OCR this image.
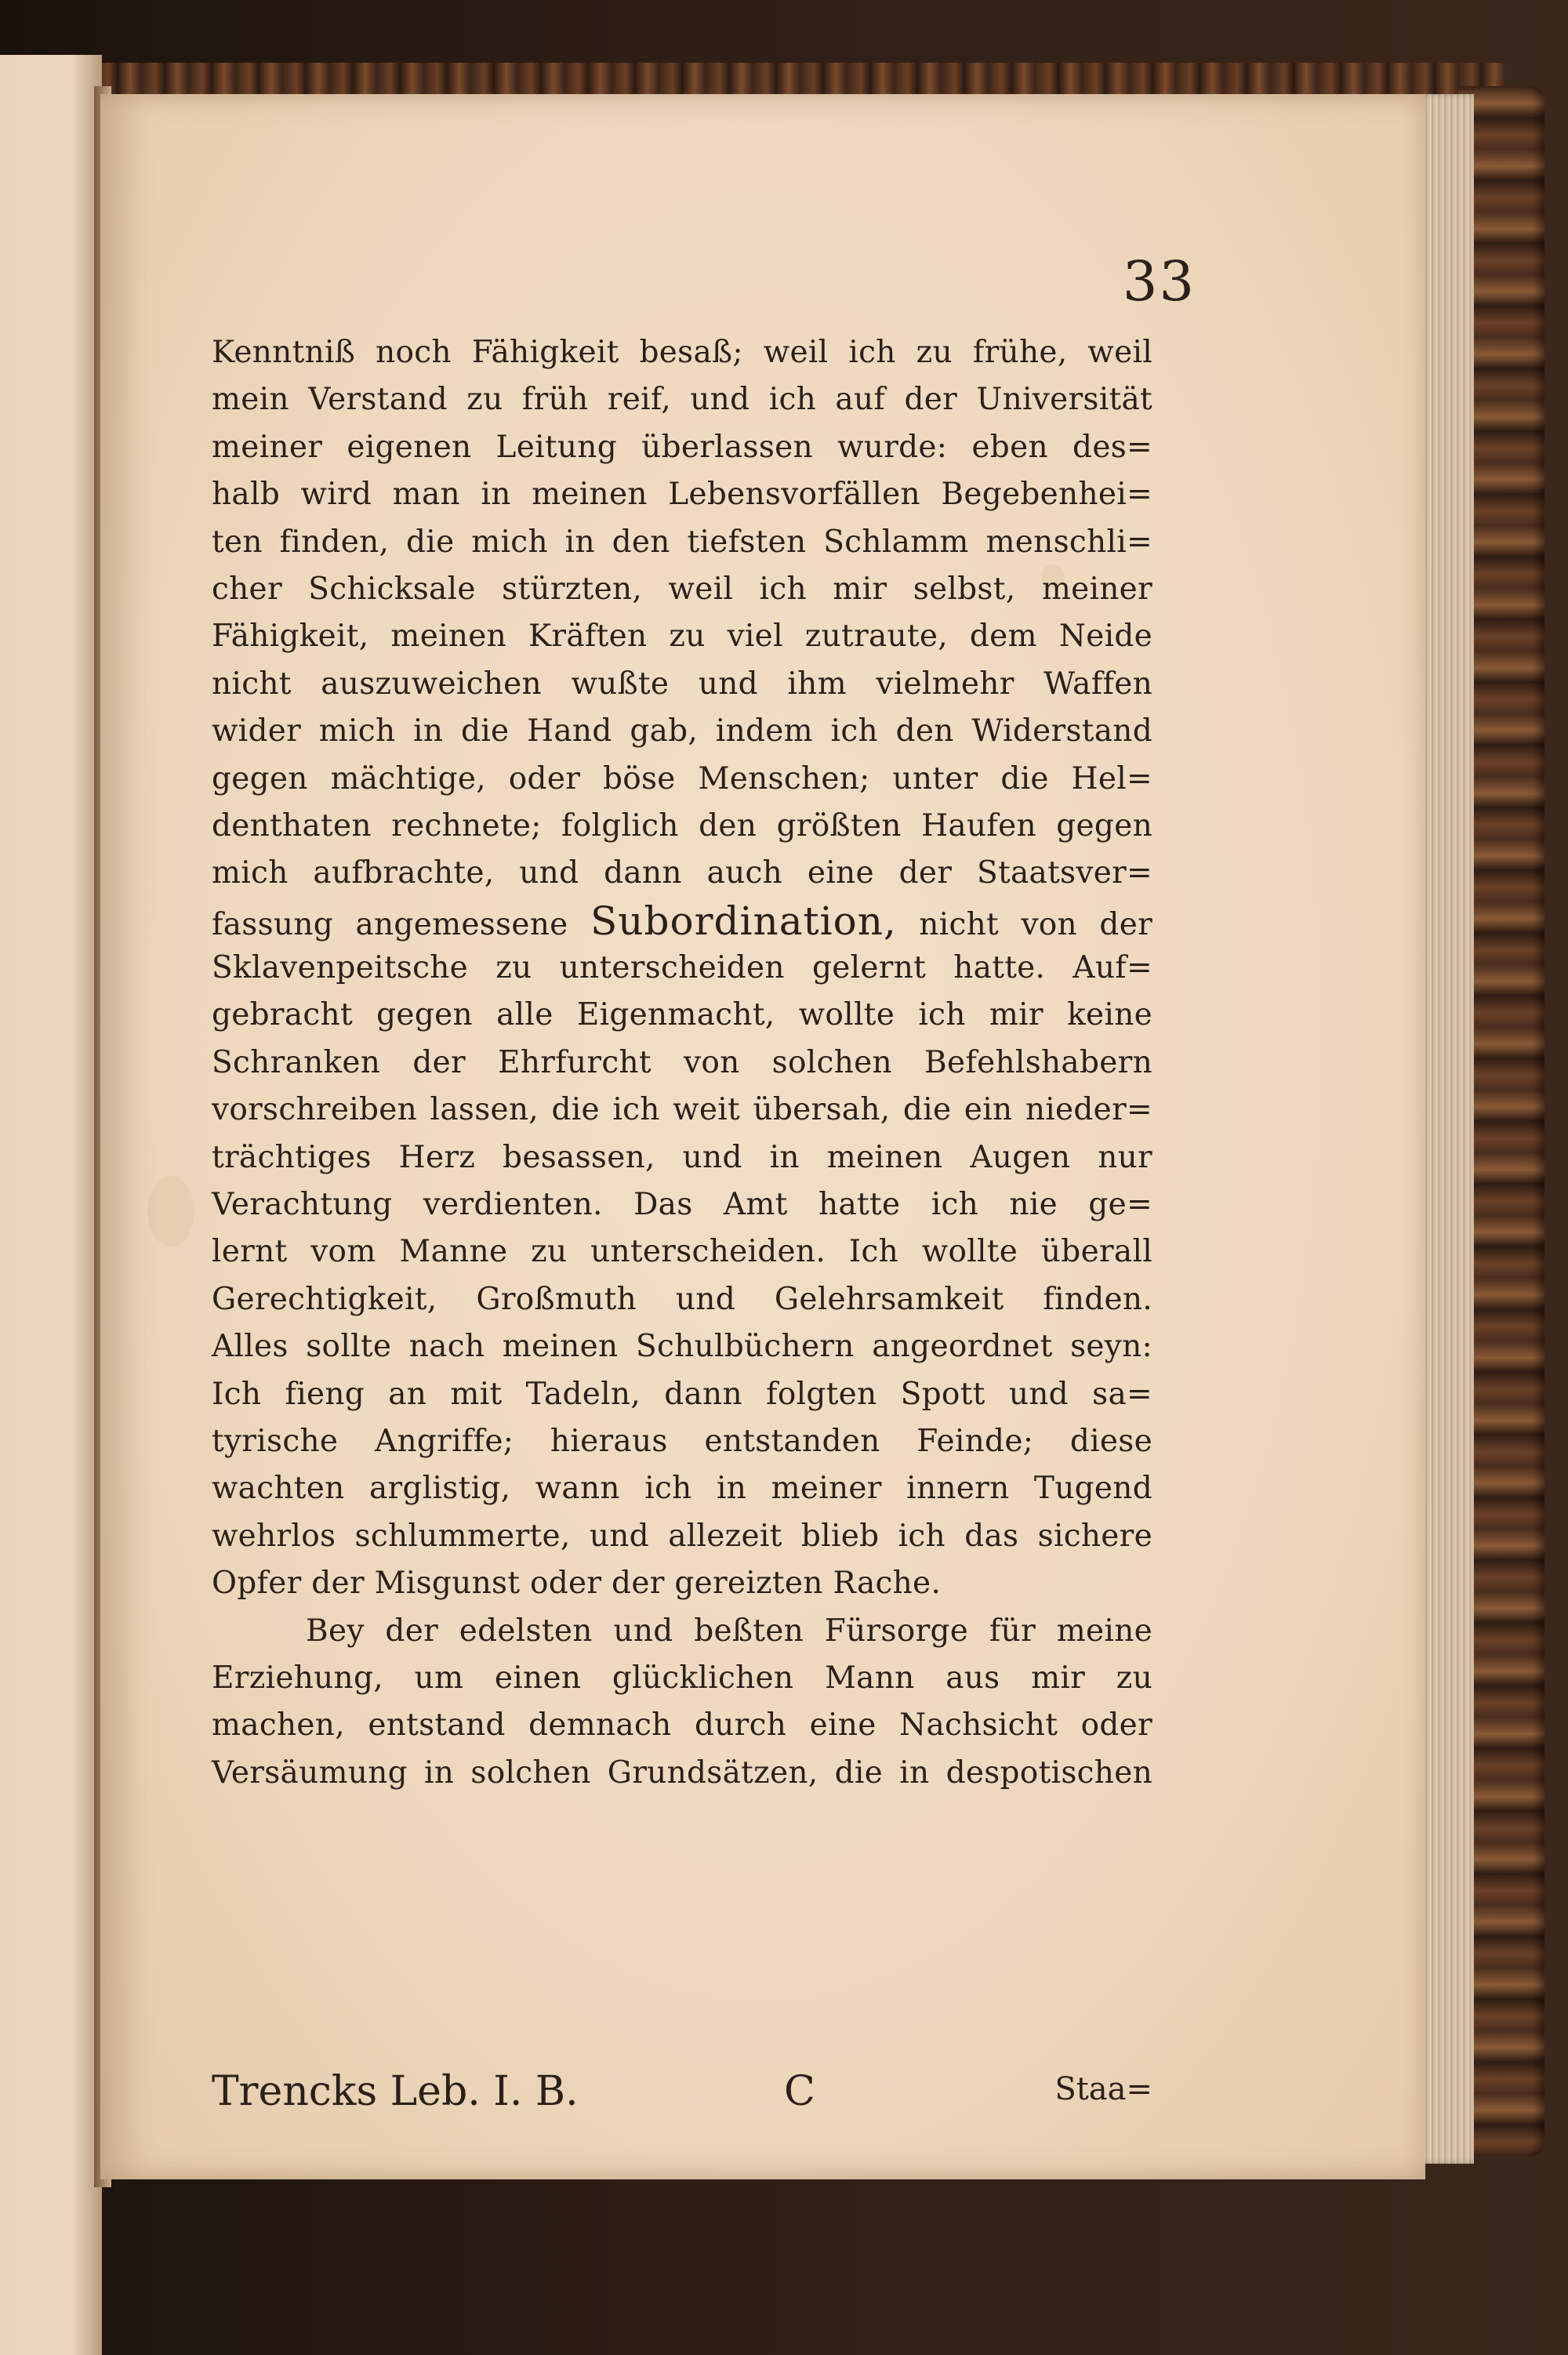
33
Kenntniß noch Fähigkeit besaß; weil ich zu frühe, weil
mein Verstand zu früh reif, und ich auf der Universität
meiner eigenen Leitung überlassen wurde: eben des=
halb wird man in meinen Lebensvorfällen Begebenhei=
ten finden, die mich in den tiefsten Schlamm menschli=
cher Schicksale stürzten, weil ich mir selbst, meiner
Fähigkeit, meinen Kräften zu viel zutraute, dem Neide
nicht auszuweichen wußte und ihm vielmehr Waffen
wider mich in die Hand gab, indem ich den Widerstand
gegen mächtige, oder böse Menschen; unter die Hel=
denthaten rechnete; folglich den größten Haufen gegen
mich aufbrachte, und dann auch eine der Staatsver=
fassung angemessene Subordination, nicht von der
Sklavenpeitsche zu unterscheiden gelernt hatte. Auf=
gebracht gegen alle Eigenmacht, wollte ich mir keine
Schranken der Ehrfurcht von solchen Befehlshabern
vorschreiben lassen, die ich weit übersah, die ein nieder=
trächtiges Herz besassen, und in meinen Augen nur
Verachtung verdienten. Das Amt hatte ich nie ge=
lernt vom Manne zu unterscheiden. Ich wollte überall
Gerechtigkeit, Großmuth und Gelehrsamkeit finden.
Alles sollte nach meinen Schulbüchern angeordnet seyn:
Ich fieng an mit Tadeln, dann folgten Spott und sa=
tyrische Angriffe; hieraus entstanden Feinde; diese
wachten arglistig, wann ich in meiner innern Tugend
wehrlos schlummerte, und allezeit blieb ich das sichere
Opfer der Misgunst oder der gereizten Rache.
Bey der edelsten und beßten Fürsorge für meine
Erziehung, um einen glücklichen Mann aus mir zu
machen, entstand demnach durch eine Nachsicht oder
Versäumung in solchen Grundsätzen, die in despotischen
Trencks Leb. I. B.	C	Staa=
